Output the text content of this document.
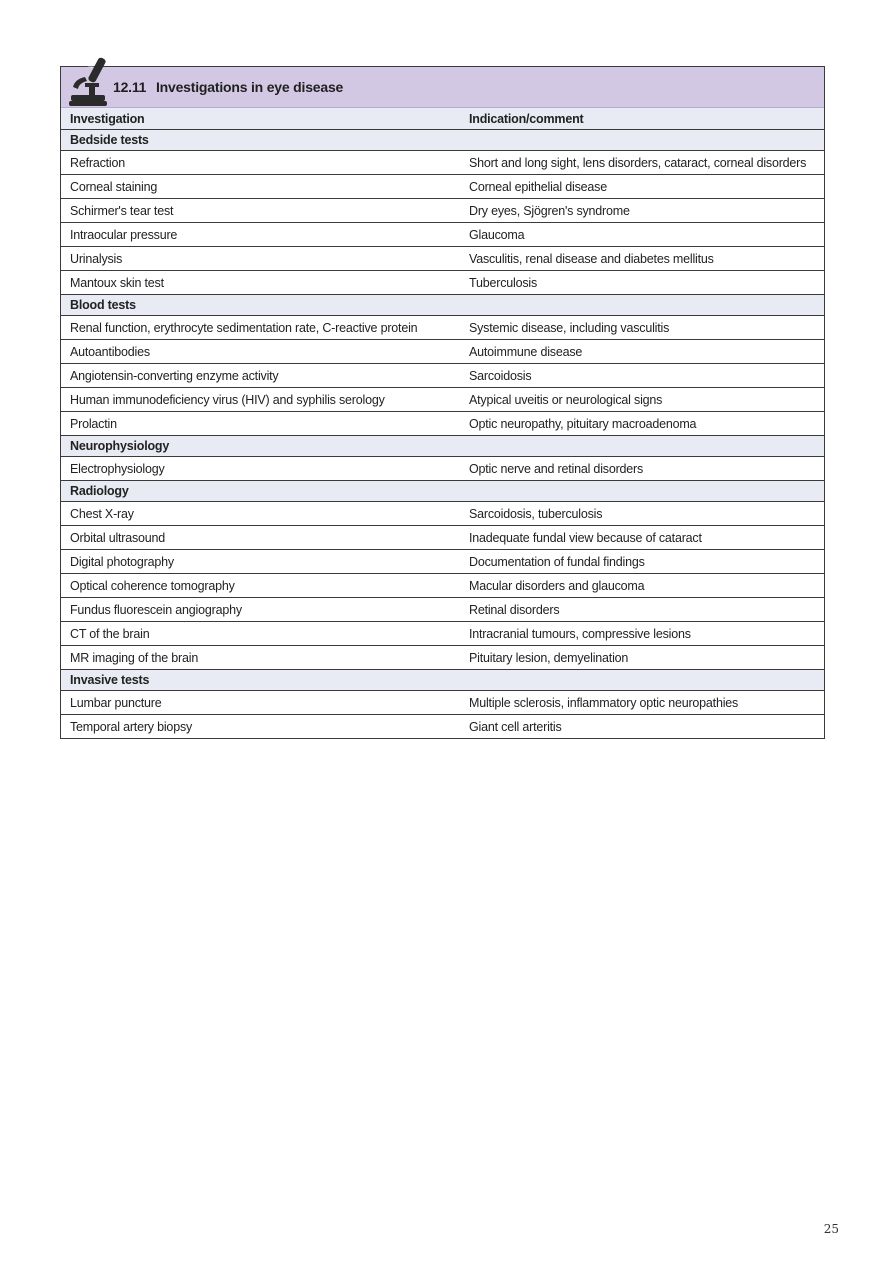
12.11 Investigations in eye disease
Investigation	Indication/comment
Bedside tests	
Refraction	Short and long sight, lens disorders, cataract, corneal disorders
Corneal staining	Corneal epithelial disease
Schirmer's tear test	Dry eyes, Sjögren's syndrome
Intraocular pressure	Glaucoma
Urinalysis	Vasculitis, renal disease and diabetes mellitus
Mantoux skin test	Tuberculosis
Blood tests	
Renal function, erythrocyte sedimentation rate, C-reactive protein	Systemic disease, including vasculitis
Autoantibodies	Autoimmune disease
Angiotensin-converting enzyme activity	Sarcoidosis
Human immunodeficiency virus (HIV) and syphilis serology	Atypical uveitis or neurological signs
Prolactin	Optic neuropathy, pituitary macroadenoma
Neurophysiology	
Electrophysiology	Optic nerve and retinal disorders
Radiology	
Chest X-ray	Sarcoidosis, tuberculosis
Orbital ultrasound	Inadequate fundal view because of cataract
Digital photography	Documentation of fundal findings
Optical coherence tomography	Macular disorders and glaucoma
Fundus fluorescein angiography	Retinal disorders
CT of the brain	Intracranial tumours, compressive lesions
MR imaging of the brain	Pituitary lesion, demyelination
Invasive tests	
Lumbar puncture	Multiple sclerosis, inflammatory optic neuropathies
Temporal artery biopsy	Giant cell arteritis
25
